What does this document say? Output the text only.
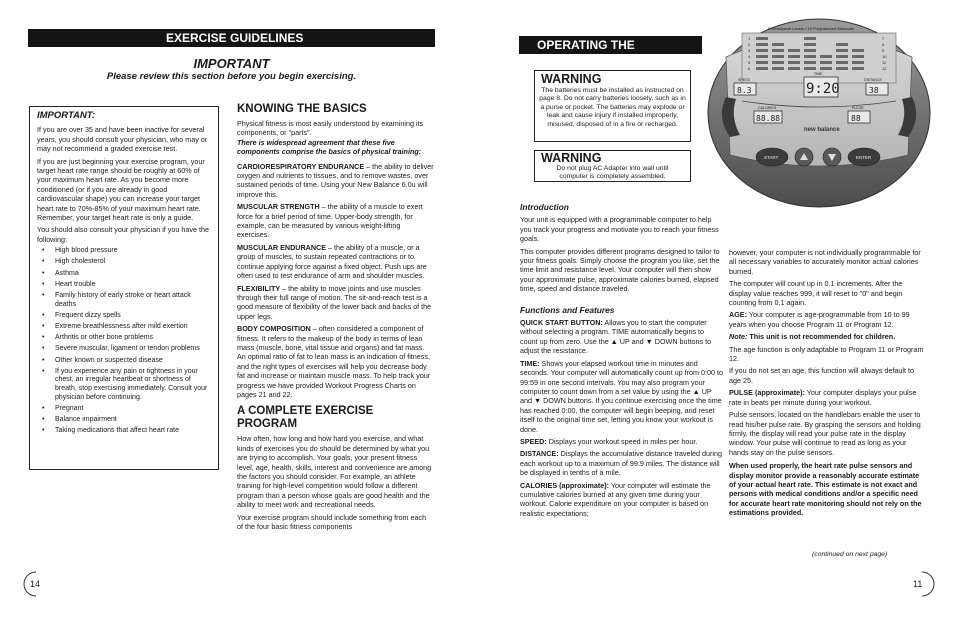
EXERCISE GUIDELINES
IMPORTANT
Please review this section before you begin exercising.
IMPORTANT:

If you are over 35 and have been inactive for several years, you should consult your physician, who may or may not recommend a graded exercise test.

If you are just beginning your exercise program, your target heart rate range should be roughly at 60% of your maximum heart rate. As you become more conditioned (or if you are already in good cardiovascular shape) you can increase your target heart rate to 70%-85% of your maximum heart rate. Remember, your target heart rate is only a guide.

You should also consult your physician if you have the following:

• High blood pressure
• High cholesterol
• Asthma
• Heart trouble
• Family history of early stroke or heart attack deaths
• Frequent dizzy spells
• Extreme breathlessness after mild exertion
• Arthritis or other bone problems
• Severe muscular, ligament or tendon problems
• Other known or suspected disease
• If you experience any pain or tightness in your chest, an irregular heartbeat or shortness of breath, stop exercising immediately. Consult your physician before continuing.
• Pregnant
• Balance impairment
• Taking medications that affect heart rate
KNOWING THE BASICS

Physical fitness is most easily understood by examining its components, or "parts".
There is widespread agreement that these five components comprise the basics of physical training:

CARDIORESPIRATORY ENDURANCE – the ability to deliver oxygen and nutrients to tissues, and to remove wastes, over sustained periods of time. Using your New Balance 6.0u will improve this.

MUSCULAR STRENGTH – the ability of a muscle to exert force for a brief period of time. Upper-body strength, for example, can be measured by various weight-lifting exercises.

MUSCULAR ENDURANCE – the ability of a muscle, or a group of muscles, to sustain repeated contractions or to continue applying force against a fixed object. Push ups are often used to test endurance of arm and shoulder muscles.

FLEXIBILITY – the ability to move joints and use muscles through their full range of motion. The sit-and-reach test is a good measure of flexibility of the lower back and backs of the upper legs.

BODY COMPOSITION – often considered a component of fitness. It refers to the makeup of the body in terms of lean mass (muscle, bone, vital tissue and organs) and fat mass. An optimal ratio of fat to lean mass is an indication of fitness, and the right types of exercises will help you decrease body fat and increase or maintain muscle mass. To help track your progress we have provided Workout Progress Charts on pages 21 and 22.

A COMPLETE EXERCISE PROGRAM

How often, how long and how hard you exercise, and what kinds of exercises you do should be determined by what you are trying to accomplish. Your goals, your present fitness level, age, health, skills, interest and convenience are among the factors you should consider. For example, an athlete training for high-level competition would follow a different program than a person whose goals are good health and the ability to meet work and recreational needs.

Your exercise program should include something from each of the four basic fitness components

14
OPERATING THE COMPUTER
WARNING
The batteries must be installed as instructed on page 8. Do not carry batteries loosely, such as in a purse or pocket. The batteries may explode or leak and cause injury if installed improperly, misused, disposed of in a fire or recharged.
WARNING
Do not plug AC Adapter into wall until computer is completely assembled.
8 Resistance Levels • 10 Programmed Workouts
1
2
3
4
5
6
7
8
9
10
11
12
SPEED
TIME
DISTANCE
CALORIES	PULSE
8.3	9:20	38
88.88	88
new balance
START	ENTER
Introduction

Your unit is equipped with a programmable computer to help you track your progress and motivate you to reach your fitness goals.

This computer provides different programs designed to tailor to your fitness goals. Simply choose the program you like, set the time limit and resistance level. Your computer will then show your approximate pulse, approximate calories burned, elapsed time, speed and distance traveled.

Functions and Features

QUICK START BUTTON: Allows you to start the computer without selecting a program. TIME automatically begins to count up from zero. Use the ▲ UP and ▼ DOWN buttons to adjust the resistance.

TIME: Shows your elapsed workout time in minutes and seconds. Your computer will automatically count up from 0:00 to 99:59 in one second intervals. You may also program your computer to count down from a set value by using the ▲ UP and ▼ DOWN buttons. If you continue exercising once the time has reached 0:00, the computer will begin beeping, and reset itself to the original time set, letting you know your workout is done.

SPEED: Displays your workout speed in miles per hour.

DISTANCE: Displays the accumulative distance traveled during each workout up to a maximum of 99.9 miles. The distance will be displayed in tenths of a mile.

CALORIES (approximate): Your computer will estimate the cumulative calories burned at any given time during your workout. Calorie expenditure on your computer is based on realistic expectations;

however, your computer is not individually programmable for all necessary variables to accurately monitor actual calories burned.

The computer will count up in 0.1 increments. After the display value reaches 999, it will reset to "0" and begin counting from 0.1 again.

AGE: Your computer is age-programmable from 10 to 99 years when you choose Program 11 or Program 12.

Note: This unit is not recommended for children.

The age function is only adaptable to Program 11 or Program 12.

If you do not set an age, this function will always default to age 25.

PULSE (approximate): Your computer displays your pulse rate in beats per minute during your workout.

Pulse sensors, located on the handlebars enable the user to read his/her pulse rate. By grasping the sensors and holding firmly, the display will read your pulse rate in the display window. Your pulse will continue to read as long as your hands stay on the pulse sensors.

When used properly, the heart rate pulse sensors and display monitor provide a reasonably accurate estimate of your actual heart rate. This estimate is not exact and persons with medical conditions and/or a specific need for accurate heart rate monitoring should not rely on the estimations provided.

(continued on next page)
11
